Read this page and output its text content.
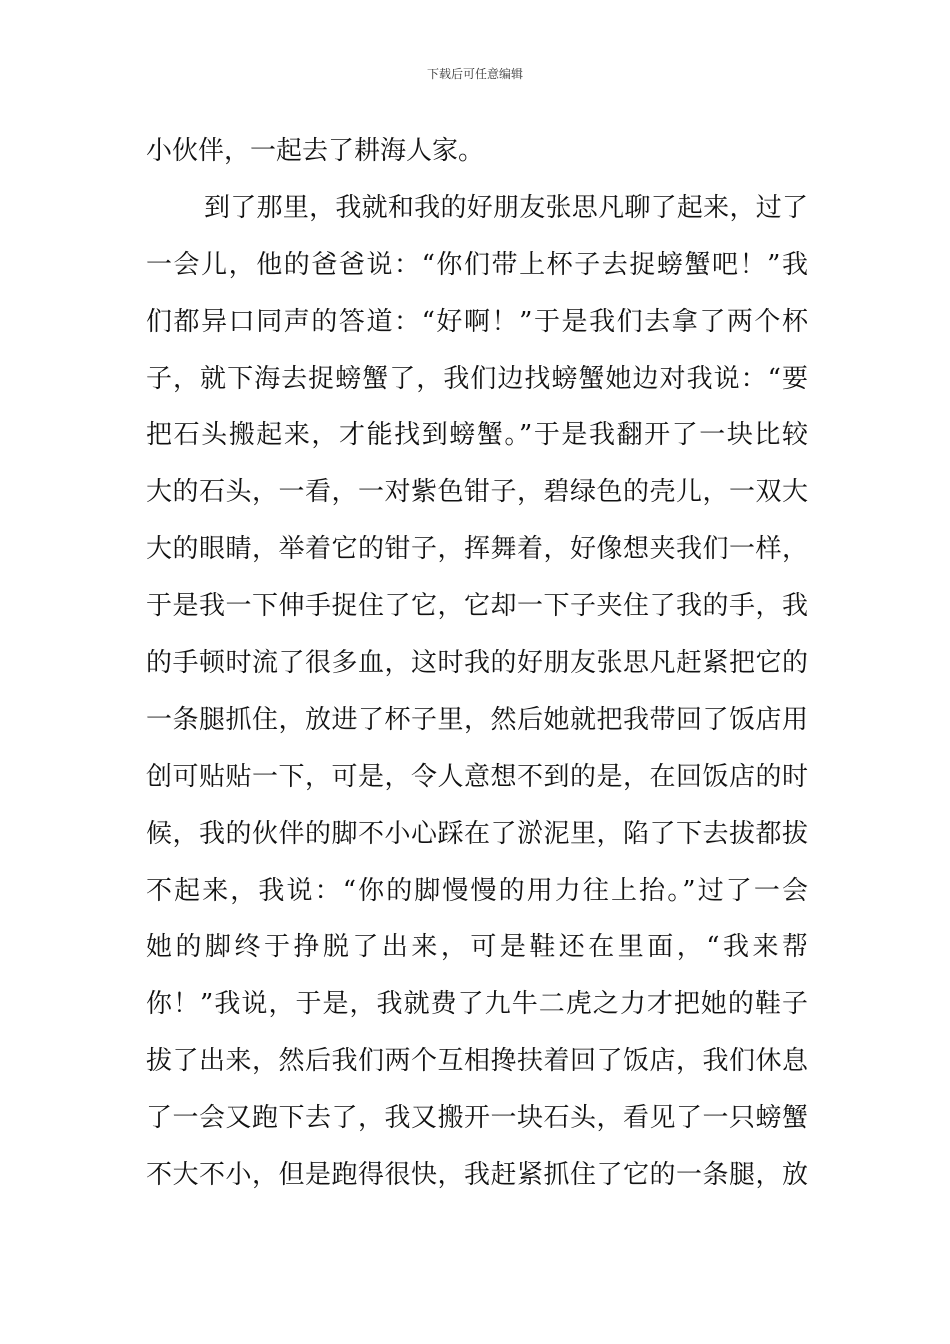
下载后可任意编辑
小伙伴，一起去了耕海人家。
到了那里，我就和我的好朋友张思凡聊了起来，过了
一会儿，他的爸爸说：“你们带上杯子去捉螃蟹吧！”我
们都异口同声的答道：“好啊！”于是我们去拿了两个杯
子，就下海去捉螃蟹了，我们边找螃蟹她边对我说：“要
把石头搬起来，才能找到螃蟹。”于是我翻开了一块比较
大的石头，一看，一对紫色钳子，碧绿色的壳儿，一双大
大的眼睛，举着它的钳子，挥舞着，好像想夹我们一样，
于是我一下伸手捉住了它，它却一下子夹住了我的手，我
的手顿时流了很多血，这时我的好朋友张思凡赶紧把它的
一条腿抓住，放进了杯子里，然后她就把我带回了饭店用
创可贴贴一下，可是，令人意想不到的是，在回饭店的时
候，我的伙伴的脚不小心踩在了淤泥里，陷了下去拔都拔
不起来，我说：“你的脚慢慢的用力往上抬。”过了一会
她的脚终于挣脱了出来，可是鞋还在里面，“我来帮
你！”我说，于是，我就费了九牛二虎之力才把她的鞋子
拔了出来，然后我们两个互相搀扶着回了饭店，我们休息
了一会又跑下去了，我又搬开一块石头，看见了一只螃蟹
不大不小，但是跑得很快，我赶紧抓住了它的一条腿，放
